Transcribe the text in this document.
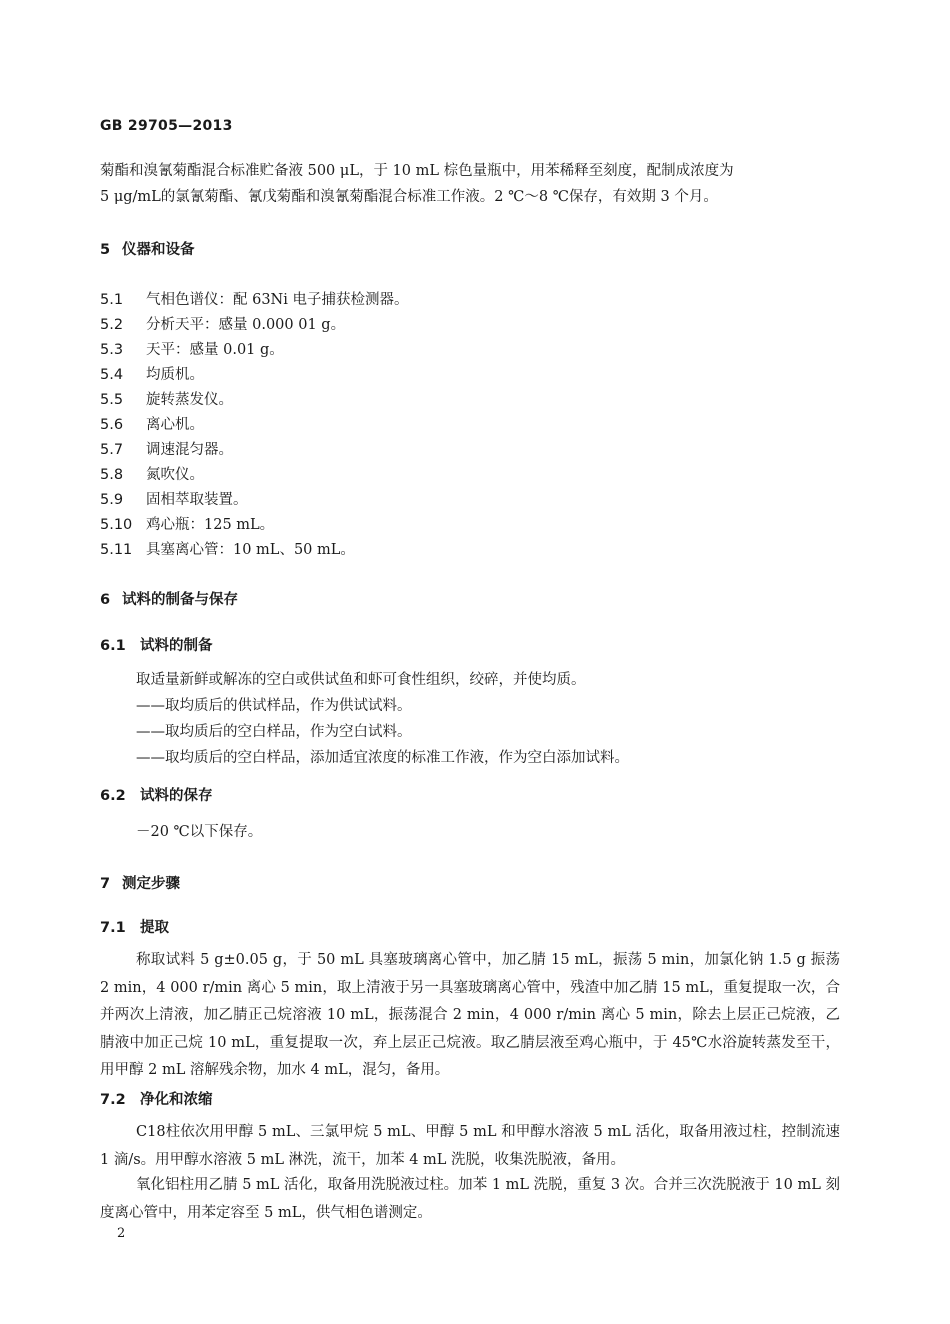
GB 29705—2013
菊酯和溴氰菊酯混合标准贮备液 500 μL，于 10 mL 棕色量瓶中，用苯稀释至刻度，配制成浓度为
5 μg/mL的氯氰菊酯、氰戊菊酯和溴氰菊酯混合标准工作液。2 ℃～8 ℃保存，有效期 3 个月。
5 仪器和设备
5.1 气相色谱仪：配 63Ni 电子捕获检测器。
5.2 分析天平：感量 0.000 01 g。
5.3 天平：感量 0.01 g。
5.4 均质机。
5.5 旋转蒸发仪。
5.6 离心机。
5.7 调速混匀器。
5.8 氮吹仪。
5.9 固相萃取装置。
5.10 鸡心瓶：125 mL。
5.11 具塞离心管：10 mL、50 mL。
6 试料的制备与保存
6.1 试料的制备
取适量新鲜或解冻的空白或供试鱼和虾可食性组织，绞碎，并使均质。
——取均质后的供试样品，作为供试试料。
——取均质后的空白样品，作为空白试料。
——取均质后的空白样品，添加适宜浓度的标准工作液，作为空白添加试料。
6.2 试料的保存
－20 ℃以下保存。
7 测定步骤
7.1 提取
称取试料 5 g±0.05 g，于 50 mL 具塞玻璃离心管中，加乙腈 15 mL，振荡 5 min，加氯化钠 1.5 g 振荡 2 min，4 000 r/min 离心 5 min，取上清液于另一具塞玻璃离心管中，残渣中加乙腈 15 mL，重复提取一次，合并两次上清液，加乙腈正己烷溶液 10 mL，振荡混合 2 min，4 000 r/min 离心 5 min，除去上层正己烷液，乙腈液中加正己烷 10 mL，重复提取一次，弃上层正己烷液。取乙腈层液至鸡心瓶中，于 45℃水浴旋转蒸发至干，用甲醇 2 mL 溶解残余物，加水 4 mL，混匀，备用。
7.2 净化和浓缩
C18柱依次用甲醇 5 mL、三氯甲烷 5 mL、甲醇 5 mL 和甲醇水溶液 5 mL 活化，取备用液过柱，控制流速 1 滴/s。用甲醇水溶液 5 mL 淋洗，流干，加苯 4 mL 洗脱，收集洗脱液，备用。
氧化铝柱用乙腈 5 mL 活化，取备用洗脱液过柱。加苯 1 mL 洗脱，重复 3 次。合并三次洗脱液于 10 mL 刻度离心管中，用苯定容至 5 mL，供气相色谱测定。
2
